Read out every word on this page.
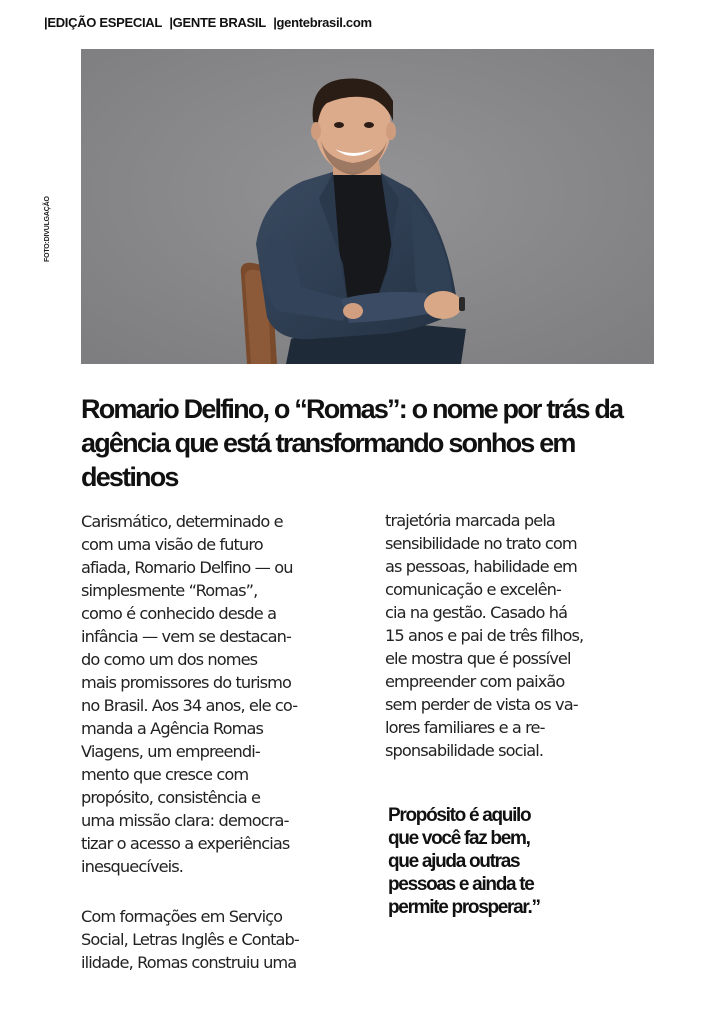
|EDIÇÃO ESPECIAL |GENTE BRASIL |gentebrasil.com
FOTO:DIVULGAÇÃO
Romario Delfino, o “Romas”: o nome por trás da agência que está transformando sonhos em destinos
Carismático, determinado e
com uma visão de futuro
afiada, Romario Delfino — ou
simplesmente “Romas”,
como é conhecido desde a
infância — vem se destacan-
do como um dos nomes
mais promissores do turismo
no Brasil. Aos 34 anos, ele co-
manda a Agência Romas
Viagens, um empreendi-
mento que cresce com
propósito, consistência e
uma missão clara: democra-
tizar o acesso a experiências
inesquecíveis.
Com formações em Serviço
Social, Letras Inglês e Contab-
ilidade, Romas construiu uma
trajetória marcada pela
sensibilidade no trato com
as pessoas, habilidade em
comunicação e excelên-
cia na gestão. Casado há
15 anos e pai de três filhos,
ele mostra que é possível
empreender com paixão
sem perder de vista os va-
lores familiares e a re-
sponsabilidade social.
Propósito é aquilo
que você faz bem,
que ajuda outras
pessoas e ainda te
permite prosperar.”
